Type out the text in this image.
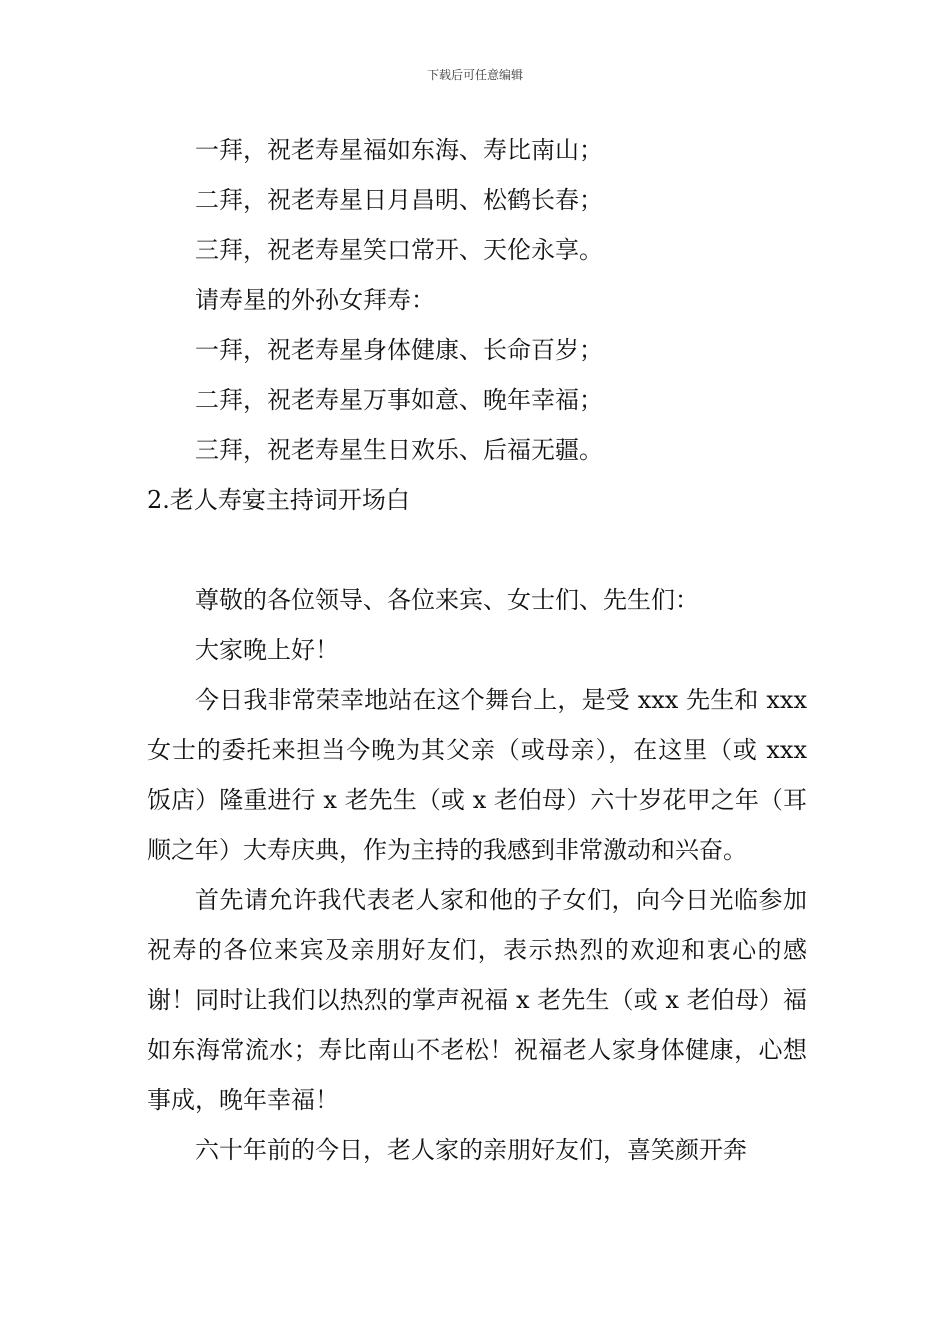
下载后可任意编辑

一拜，祝老寿星福如东海、寿比南山；

二拜，祝老寿星日月昌明、松鹤长春；

三拜，祝老寿星笑口常开、天伦永享。

请寿星的外孙女拜寿：

一拜，祝老寿星身体健康、长命百岁；

二拜，祝老寿星万事如意、晚年幸福；

三拜，祝老寿星生日欢乐、后福无疆。

2.老人寿宴主持词开场白

尊敬的各位领导、各位来宾、女士们、先生们：

大家晚上好！

今日我非常荣幸地站在这个舞台上，是受 xxx 先生和 xxx 女士的委托来担当今晚为其父亲（或母亲），在这里（或 xxx 饭店）隆重进行 x 老先生（或 x 老伯母）六十岁花甲之年（耳顺之年）大寿庆典，作为主持的我感到非常激动和兴奋。

首先请允许我代表老人家和他的子女们，向今日光临参加祝寿的各位来宾及亲朋好友们，表示热烈的欢迎和衷心的感谢！同时让我们以热烈的掌声祝福 x 老先生（或 x 老伯母）福如东海常流水；寿比南山不老松！祝福老人家身体健康，心想事成，晚年幸福！

六十年前的今日，老人家的亲朋好友们，喜笑颜开奔
